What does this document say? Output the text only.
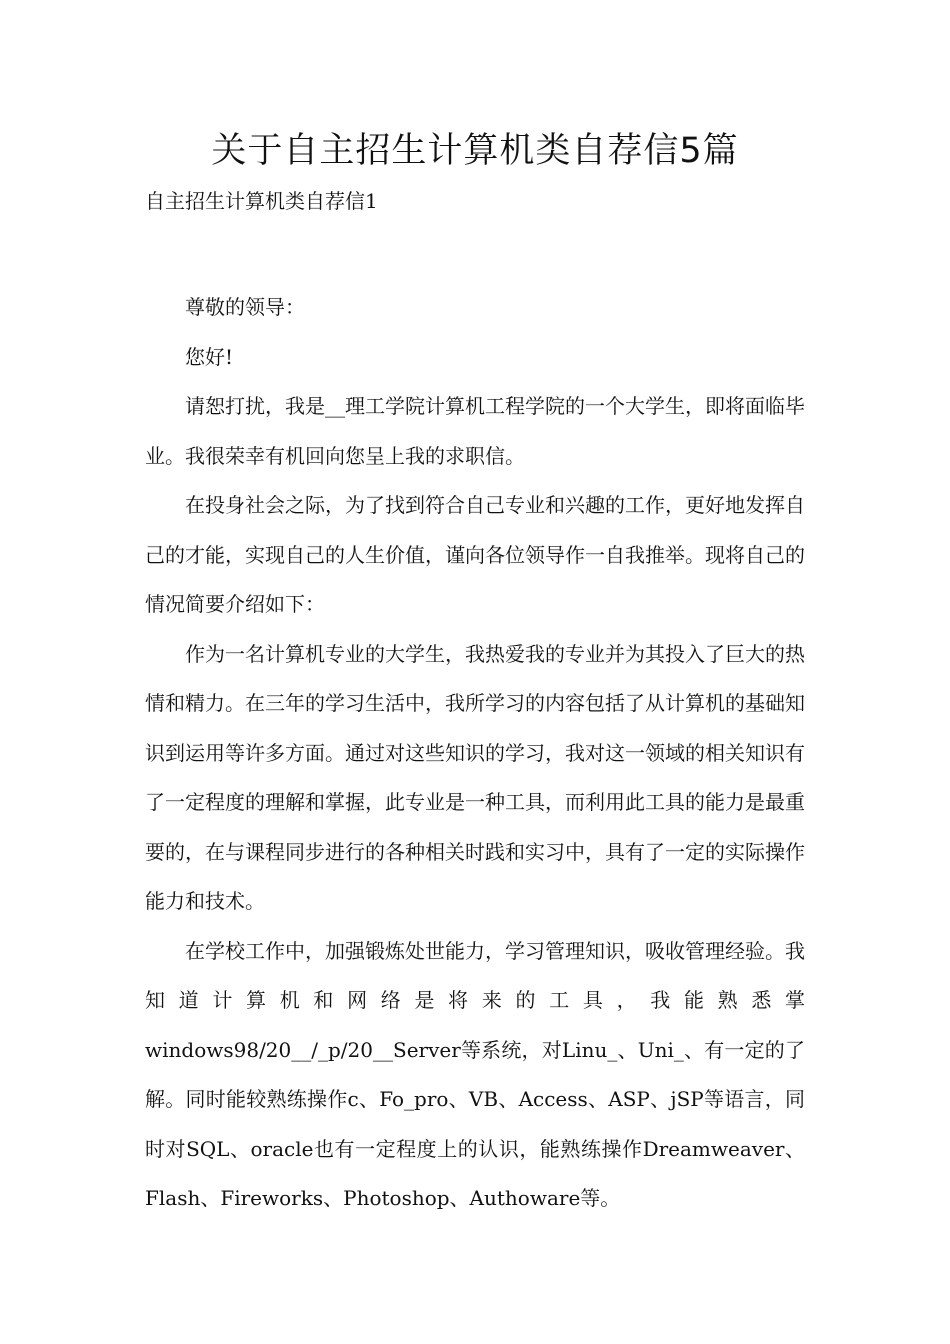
关于自主招生计算机类自荐信5篇

自主招生计算机类自荐信1

尊敬的领导：

您好!

请恕打扰，我是__理工学院计算机工程学院的一个大学生，即将面临毕业。我很荣幸有机回向您呈上我的求职信。

在投身社会之际，为了找到符合自己专业和兴趣的工作，更好地发挥自己的才能，实现自己的人生价值，谨向各位领导作一自我推举。现将自己的情况简要介绍如下：

作为一名计算机专业的大学生，我热爱我的专业并为其投入了巨大的热情和精力。在三年的学习生活中，我所学习的内容包括了从计算机的基础知识到运用等许多方面。通过对这些知识的学习，我对这一领域的相关知识有了一定程度的理解和掌握，此专业是一种工具，而利用此工具的能力是最重要的，在与课程同步进行的各种相关时践和实习中，具有了一定的实际操作能力和技术。

在学校工作中，加强锻炼处世能力，学习管理知识，吸收管理经验。我知道计算机和网络是将来的工具，我能熟悉掌windows98/20__/_p/20__Server等系统，对Linu_、Uni_、有一定的了解。同时能较熟练操作c、Fo_pro、VB、Access、ASP、jSP等语言，同时对SQL、oracle也有一定程度上的认识，能熟练操作Dreamweaver、Flash、Fireworks、Photoshop、Authoware等。
